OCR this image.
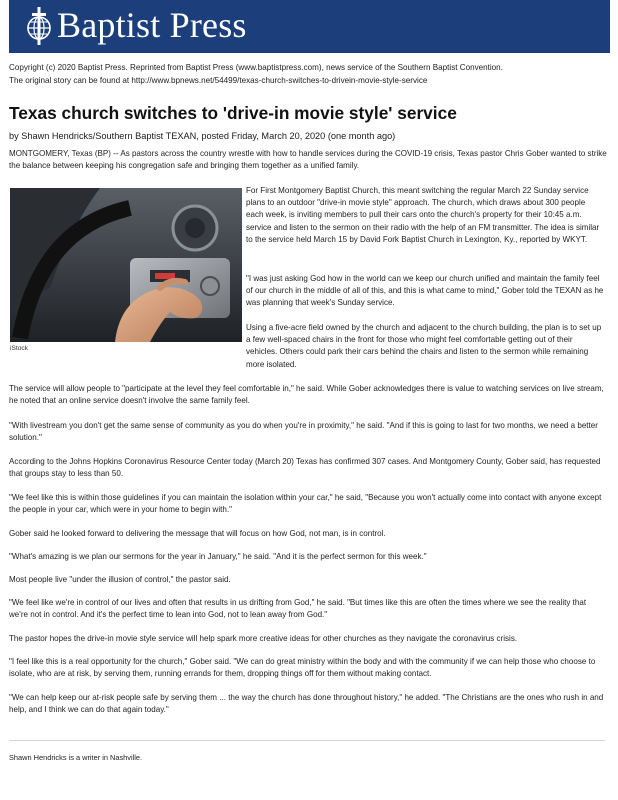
Baptist Press
Copyright (c) 2020 Baptist Press. Reprinted from Baptist Press (www.baptistpress.com), news service of the Southern Baptist Convention.
The original story can be found at http://www.bpnews.net/54499/texas-church-switches-to-drivein-movie-style-service
Texas church switches to 'drive-in movie style' service
by Shawn Hendricks/Southern Baptist TEXAN, posted Friday, March 20, 2020 (one month ago)
MONTGOMERY, Texas (BP) -- As pastors across the country wrestle with how to handle services during the COVID-19 crisis, Texas pastor Chris Gober wanted to strike the balance between keeping his congregation safe and bringing them together as a unified family.
iStock
For First Montgomery Baptist Church, this meant switching the regular March 22 Sunday service plans to an outdoor "drive-in movie style" approach. The church, which draws about 300 people each week, is inviting members to pull their cars onto the church's property for their 10:45 a.m. service and listen to the sermon on their radio with the help of an FM transmitter. The idea is similar to the service held March 15 by David Fork Baptist Church in Lexington, Ky., reported by WKYT.
"I was just asking God how in the world can we keep our church unified and maintain the family feel of our church in the middle of all of this, and this is what came to mind," Gober told the TEXAN as he was planning that week's Sunday service.
Using a five-acre field owned by the church and adjacent to the church building, the plan is to set up a few well-spaced chairs in the front for those who might feel comfortable getting out of their vehicles. Others could park their cars behind the chairs and listen to the sermon while remaining more isolated.
The service will allow people to "participate at the level they feel comfortable in," he said. While Gober acknowledges there is value to watching services on live stream, he noted that an online service doesn't involve the same family feel.
"With livestream you don't get the same sense of community as you do when you're in proximity," he said. "And if this is going to last for two months, we need a better solution."
According to the Johns Hopkins Coronavirus Resource Center today (March 20) Texas has confirmed 307 cases. And Montgomery County, Gober said, has requested that groups stay to less than 50.
"We feel like this is within those guidelines if you can maintain the isolation within your car," he said, "Because you won't actually come into contact with anyone except the people in your car, which were in your home to begin with."
Gober said he looked forward to delivering the message that will focus on how God, not man, is in control.
"What's amazing is we plan our sermons for the year in January," he said. "And it is the perfect sermon for this week."
Most people live "under the illusion of control," the pastor said.
"We feel like we're in control of our lives and often that results in us drifting from God," he said. "But times like this are often the times where we see the reality that we're not in control. And it's the perfect time to lean into God, not to lean away from God."
The pastor hopes the drive-in movie style service will help spark more creative ideas for other churches as they navigate the coronavirus crisis.
"I feel like this is a real opportunity for the church," Gober said. "We can do great ministry within the body and with the community if we can help those who choose to isolate, who are at risk, by serving them, running errands for them, dropping things off for them without making contact.
"We can help keep our at-risk people safe by serving them ... the way the church has done throughout history," he added. "The Christians are the ones who rush in and help, and I think we can do that again today."
Shawn Hendricks is a writer in Nashville.
